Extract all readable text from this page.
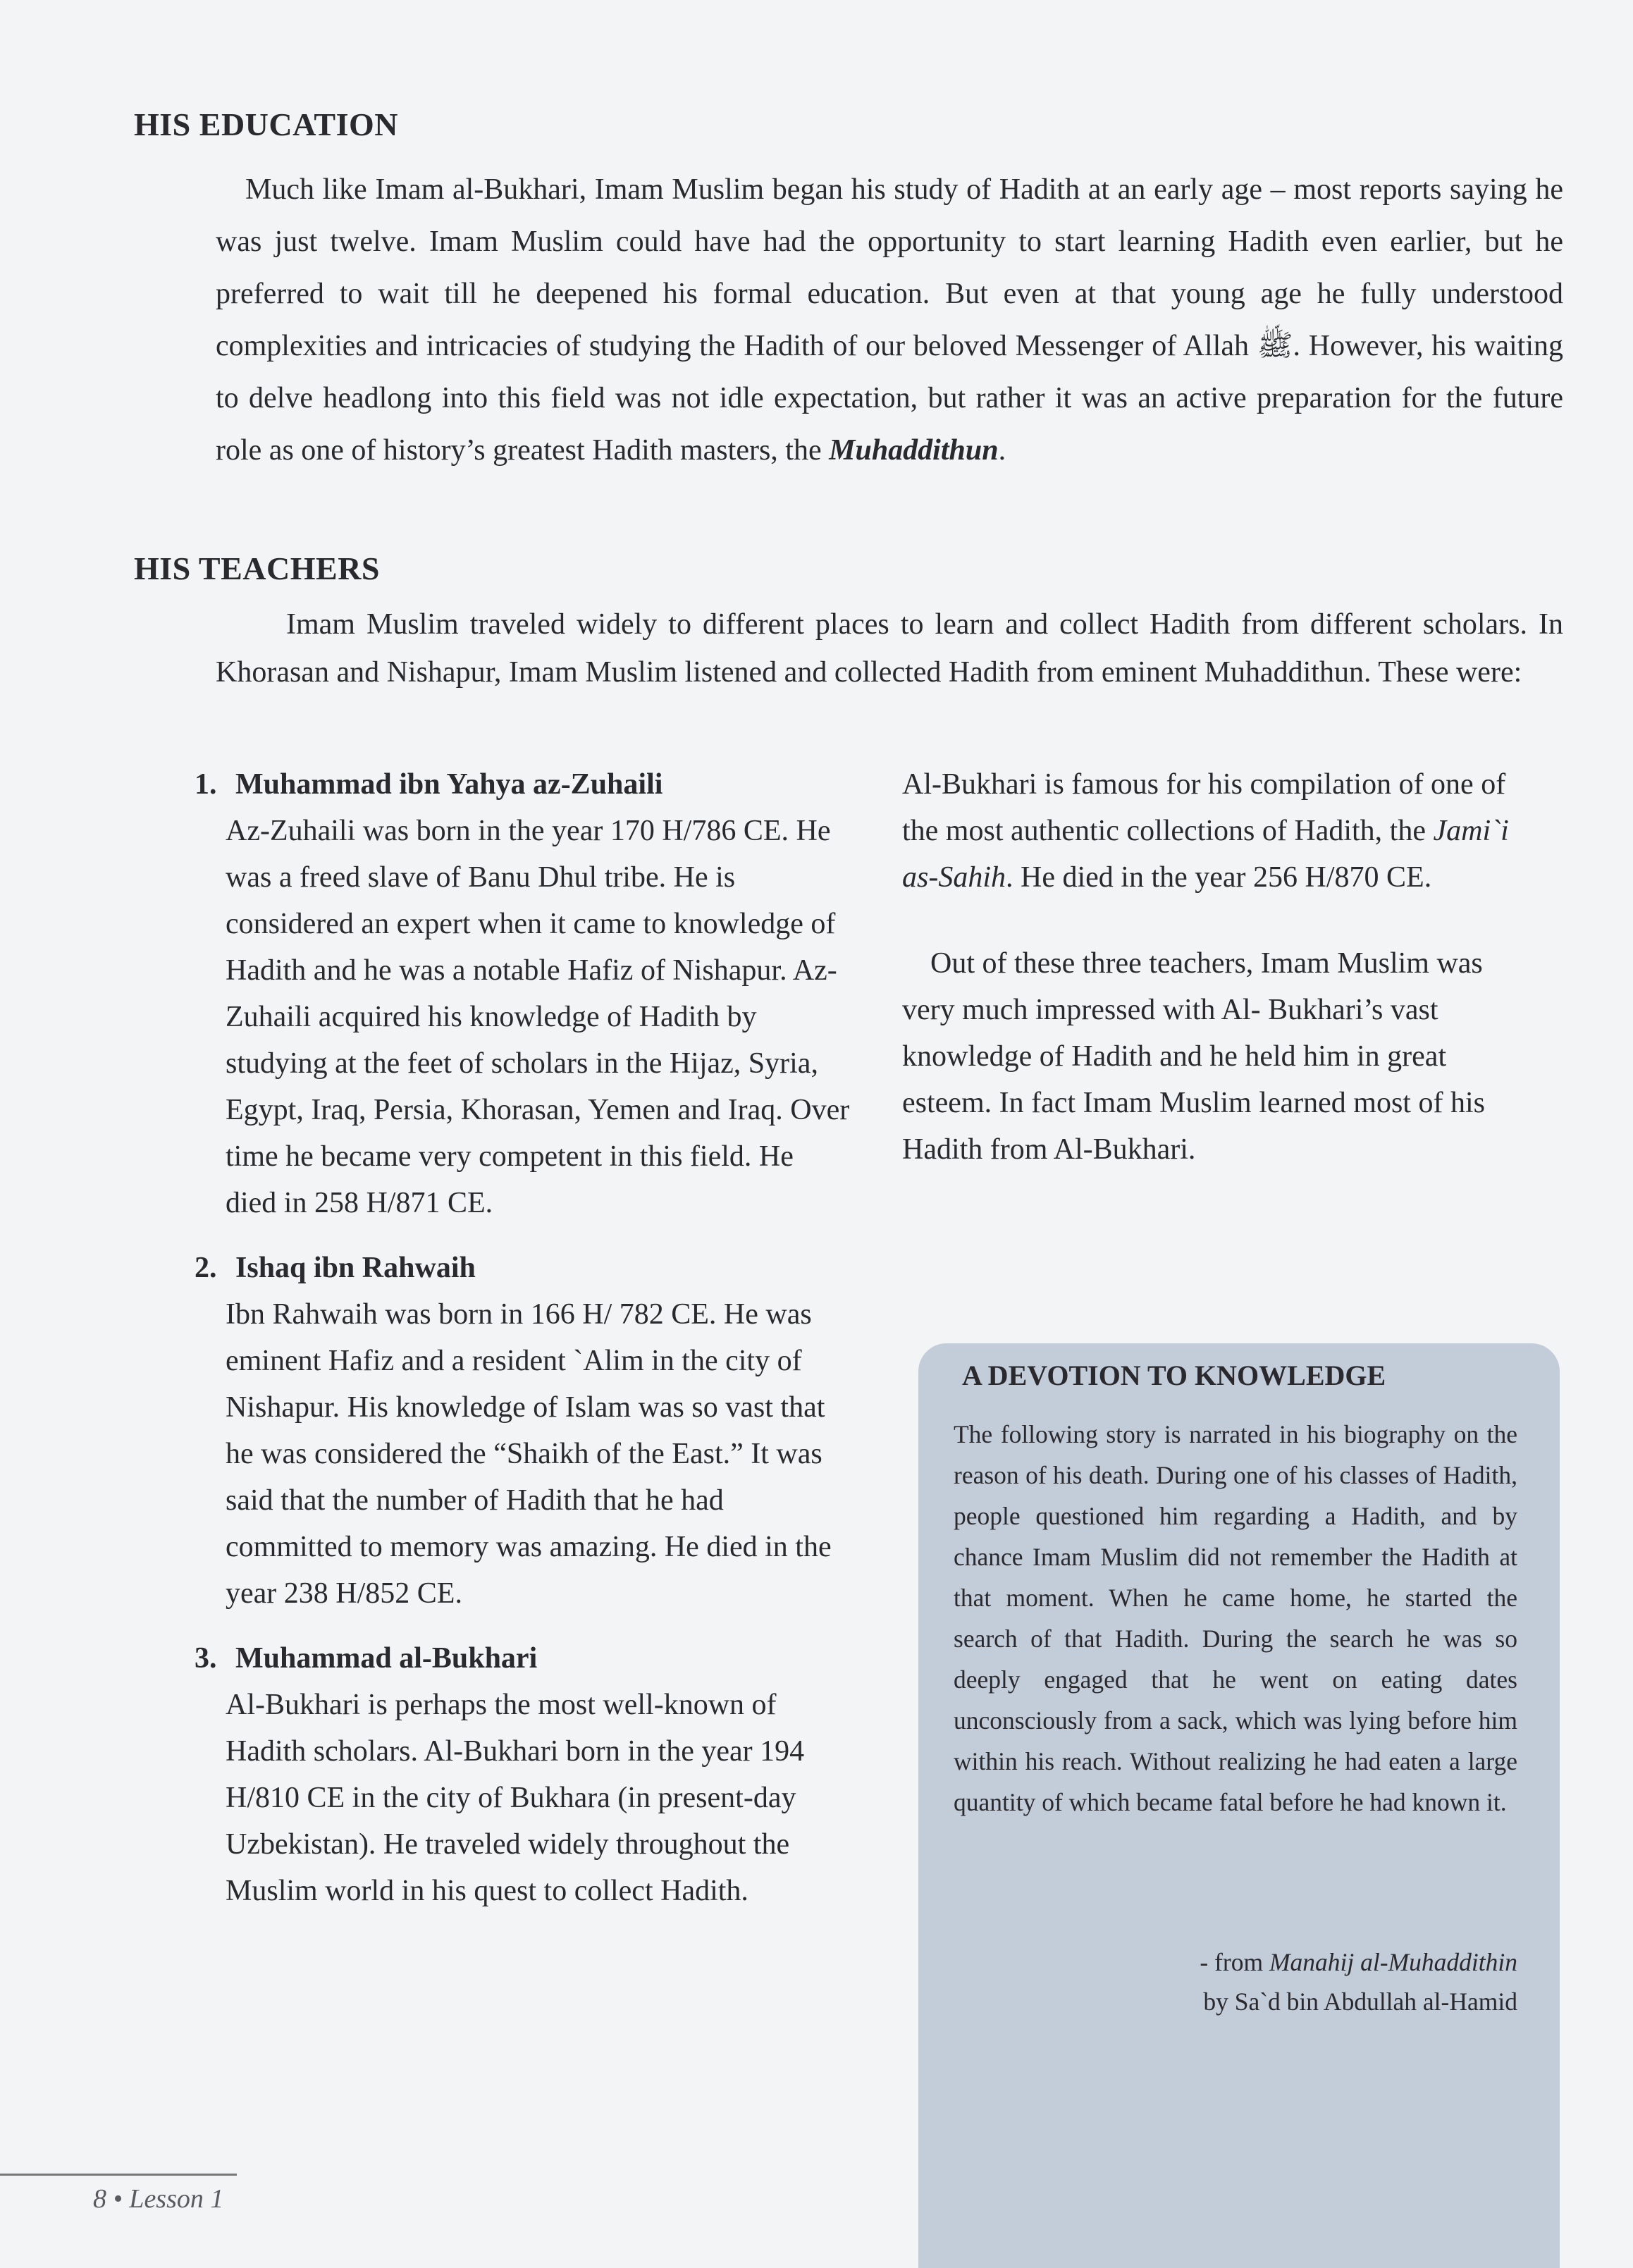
HIS EDUCATION

Much like Imam al-Bukhari, Imam Muslim began his study of Hadith at an early age – most reports saying he was just twelve. Imam Muslim could have had the opportunity to start learning Hadith even earlier, but he preferred to wait till he deepened his formal education. But even at that young age he fully understood complexities and intricacies of studying the Hadith of our beloved Messenger of Allah ﷺ. However, his waiting to delve headlong into this field was not idle expectation, but rather it was an active preparation for the future role as one of history’s greatest Hadith masters, the Muhaddithun.

HIS TEACHERS

Imam Muslim traveled widely to different places to learn and collect Hadith from different scholars. In Khorasan and Nishapur, Imam Muslim listened and collected Hadith from eminent Muhaddithun. These were:

1. Muhammad ibn Yahya az-Zuhaili

Az-Zuhaili was born in the year 170 H/786 CE. He was a freed slave of Banu Dhul tribe. He is considered an expert when it came to knowledge of Hadith and he was a notable Hafiz of Nishapur. Az-Zuhaili acquired his knowledge of Hadith by studying at the feet of scholars in the Hijaz, Syria, Egypt, Iraq, Persia, Khorasan, Yemen and Iraq. Over time he became very competent in this field. He died in 258 H/871 CE.

2. Ishaq ibn Rahwaih

Ibn Rahwaih was born in 166 H/ 782 CE. He was eminent Hafiz and a resident `Alim in the city of Nishapur. His knowledge of Islam was so vast that he was considered the “Shaikh of the East.” It was said that the number of Hadith that he had committed to memory was amazing. He died in the year 238 H/852 CE.

3. Muhammad al-Bukhari

Al-Bukhari is perhaps the most well-known of Hadith scholars. Al-Bukhari born in the year 194 H/810 CE in the city of Bukhara (in present-day Uzbekistan). He traveled widely throughout the Muslim world in his quest to collect Hadith.

Al-Bukhari is famous for his compilation of one of the most authentic collections of Hadith, the Jami`i as-Sahih. He died in the year 256 H/870 CE.

Out of these three teachers, Imam Muslim was very much impressed with Al- Bukhari’s vast knowledge of Hadith and he held him in great esteem. In fact Imam Muslim learned most of his Hadith from Al-Bukhari.

A DEVOTION TO KNOWLEDGE

The following story is narrated in his biography on the reason of his death. During one of his classes of Hadith, people questioned him regarding a Hadith, and by chance Imam Muslim did not remember the Hadith at that moment. When he came home, he started the search of that Hadith. During the search he was so deeply engaged that he went on eating dates unconsciously from a sack, which was lying before him within his reach. Without realizing he had eaten a large quantity of which became fatal before he had known it.

- from Manahij al-Muhaddithin
by Sa`d bin Abdullah al-Hamid

8 • Lesson 1
